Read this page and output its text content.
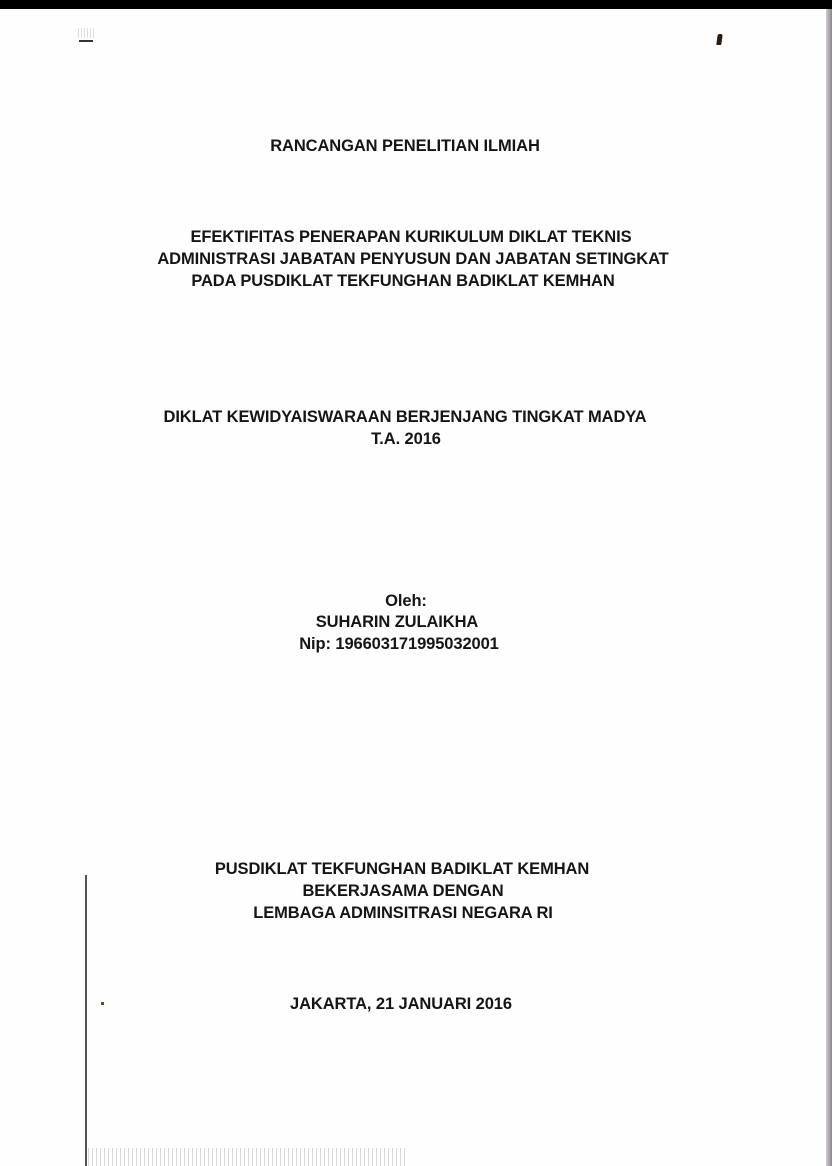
RANCANGAN PENELITIAN ILMIAH
EFEKTIFITAS PENERAPAN KURIKULUM DIKLAT TEKNIS
ADMINISTRASI JABATAN PENYUSUN DAN JABATAN SETINGKAT
PADA PUSDIKLAT TEKFUNGHAN BADIKLAT KEMHAN
DIKLAT KEWIDYAISWARAAN BERJENJANG TINGKAT MADYA
T.A. 2016
Oleh:
SUHARIN ZULAIKHA
Nip: 196603171995032001
PUSDIKLAT TEKFUNGHAN BADIKLAT KEMHAN
BEKERJASAMA DENGAN
LEMBAGA ADMINSITRASI NEGARA RI
JAKARTA, 21 JANUARI 2016
